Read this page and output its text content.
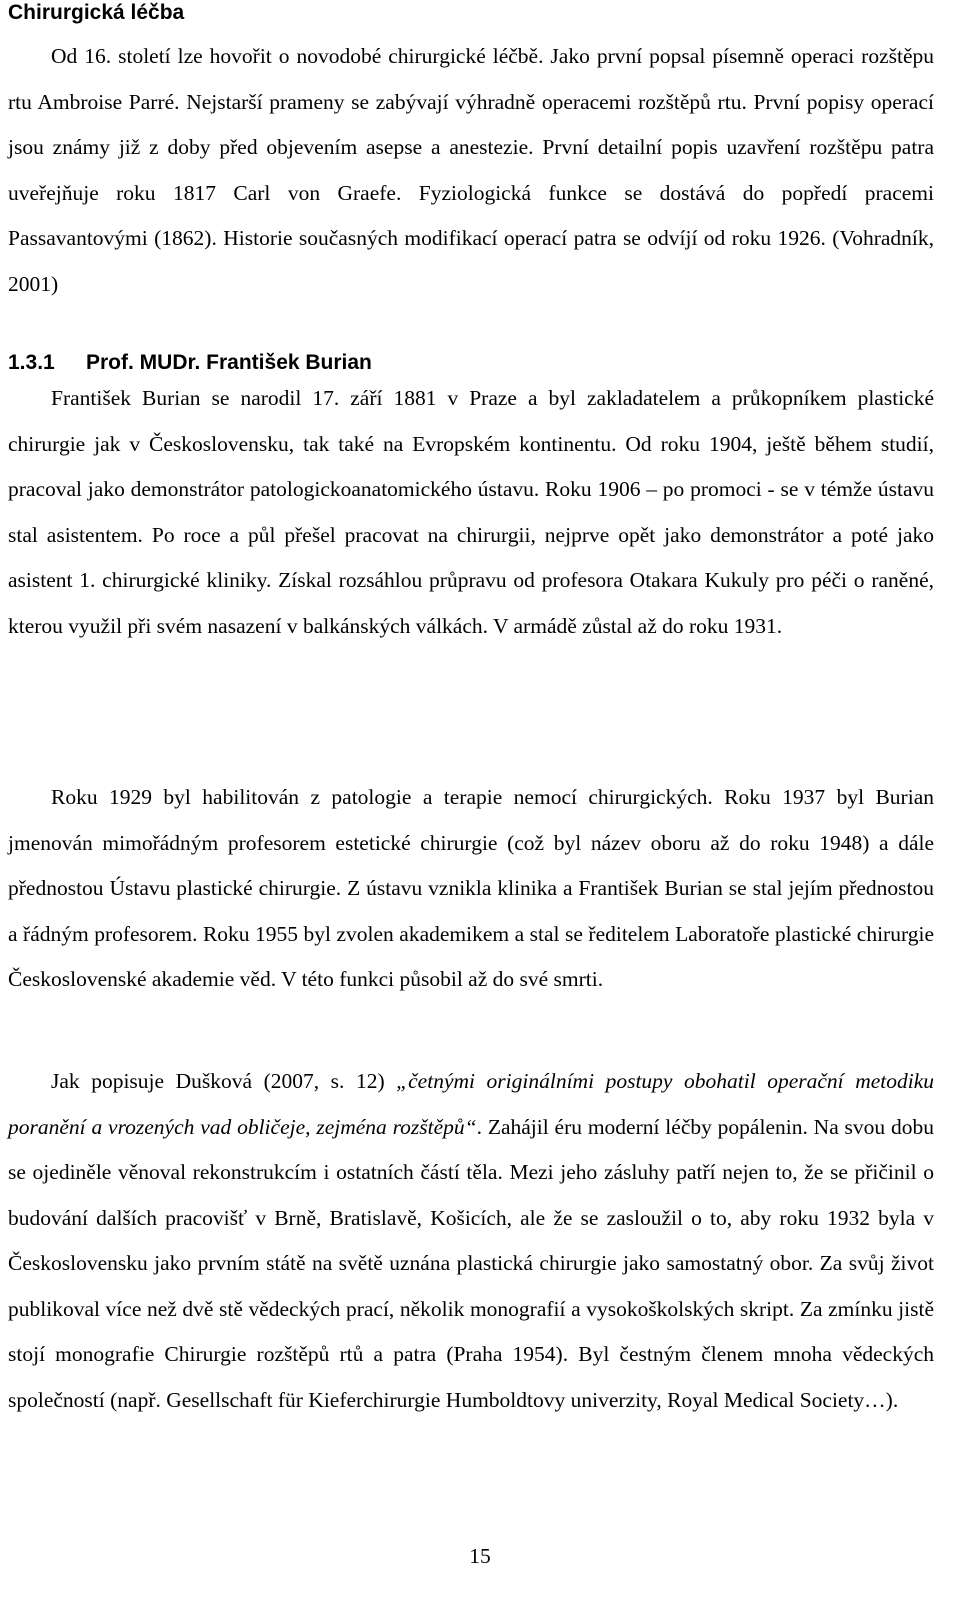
Chirurgická léčba

Od 16. století lze hovořit o novodobé chirurgické léčbě. Jako první popsal písemně operaci rozštěpu rtu Ambroise Parré. Nejstarší prameny se zabývají výhradně operacemi rozštěpů rtu. První popisy operací jsou známy již z doby před objevením asepse a anestezie. První detailní popis uzavření rozštěpu patra uveřejňuje roku 1817 Carl von Graefe. Fyziologická funkce se dostává do popředí pracemi Passavantovými (1862). Historie současných modifikací operací patra se odvíjí od roku 1926. (Vohradník, 2001)

1.3.1 Prof. MUDr. František Burian

František Burian se narodil 17. září 1881 v Praze a byl zakladatelem a průkopníkem plastické chirurgie jak v Československu, tak také na Evropském kontinentu. Od roku 1904, ještě během studií, pracoval jako demonstrátor patologickoanatomického ústavu. Roku 1906 – po promoci - se v témže ústavu stal asistentem. Po roce a půl přešel pracovat na chirurgii, nejprve opět jako demonstrátor a poté jako asistent 1. chirurgické kliniky. Získal rozsáhlou průpravu od profesora Otakara Kukuly pro péči o raněné, kterou využil při svém nasazení v balkánských válkách. V armádě zůstal až do roku 1931.

Roku 1929 byl habilitován z patologie a terapie nemocí chirurgických. Roku 1937 byl Burian jmenován mimořádným profesorem estetické chirurgie (což byl název oboru až do roku 1948) a dále přednostou Ústavu plastické chirurgie. Z ústavu vznikla klinika a František Burian se stal jejím přednostou a řádným profesorem. Roku 1955 byl zvolen akademikem a stal se ředitelem Laboratoře plastické chirurgie Československé akademie věd. V této funkci působil až do své smrti.

Jak popisuje Dušková (2007, s. 12) „četnými originálními postupy obohatil operační metodiku poranění a vrozených vad obličeje, zejména rozštěpů“. Zahájil éru moderní léčby popálenin. Na svou dobu se ojediněle věnoval rekonstrukcím i ostatních částí těla. Mezi jeho zásluhy patří nejen to, že se přičinil o budování dalších pracovišť v Brně, Bratislavě, Košicích, ale že se zasloužil o to, aby roku 1932 byla v Československu jako prvním státě na světě uznána plastická chirurgie jako samostatný obor. Za svůj život publikoval více než dvě stě vědeckých prací, několik monografií a vysokoškolských skript. Za zmínku jistě stojí monografie Chirurgie rozštěpů rtů a patra (Praha 1954). Byl čestným členem mnoha vědeckých společností (např. Gesellschaft für Kieferchirurgie Humboldtovy univerzity, Royal Medical Society…).

15
